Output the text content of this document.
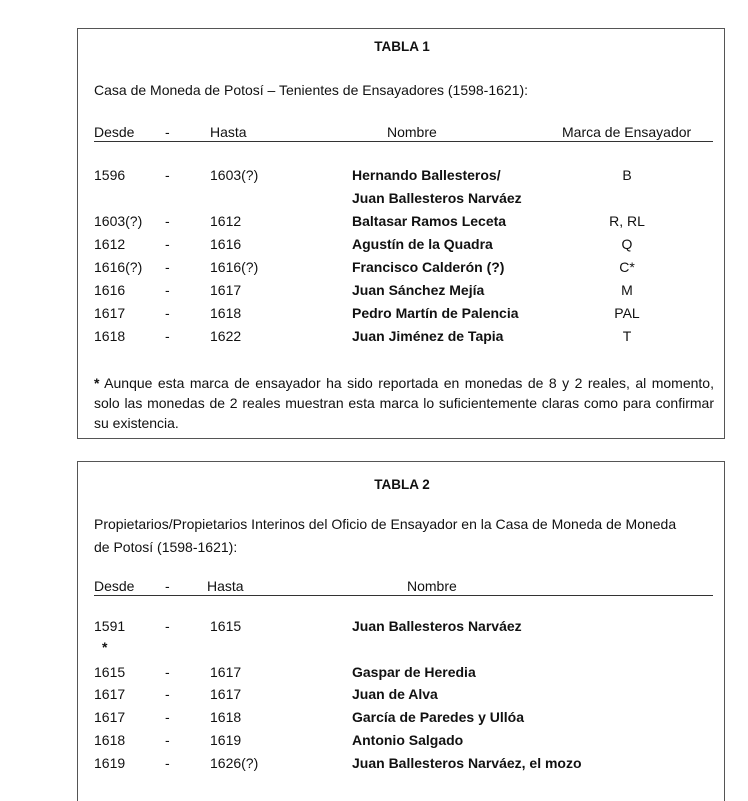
TABLA 1
Casa de Moneda de Potosí – Tenientes de Ensayadores (1598-1621):
Desde -	Hasta	Nombre	Marca de Ensayador
1596	-	1603(?)	Hernando Ballesteros/	B
Juan Ballesteros Narváez
1603(?) -	1612	Baltasar Ramos Leceta	R, RL
1612	-	1616	Agustín de la Quadra	Q
1616(?) -	1616(?)	Francisco Calderón (?)	C*
1616	-	1617	Juan Sánchez Mejía	M
1617	-	1618	Pedro Martín de Palencia	PAL
1618	-	1622	Juan Jiménez de Tapia	T
* Aunque esta marca de ensayador ha sido reportada en monedas de 8 y 2 reales, al momento, solo las monedas de 2 reales muestran esta marca lo suficientemente claras como para confirmar su existencia.
TABLA 2
Propietarios/Propietarios Interinos del Oficio de Ensayador en la Casa de Moneda de Moneda
de Potosí (1598-1621):
Desde -	Hasta	Nombre
1591	-	1615	Juan Ballesteros Narváez
1615	-	1617	Gaspar de Heredia
1617	-	1617	Juan de Alva
1617	-	1618	García de Paredes y Ullóa
1618	-	1619	Antonio Salgado
1619	-	1626(?)	Juan Ballesteros Narváez, el mozo
*
